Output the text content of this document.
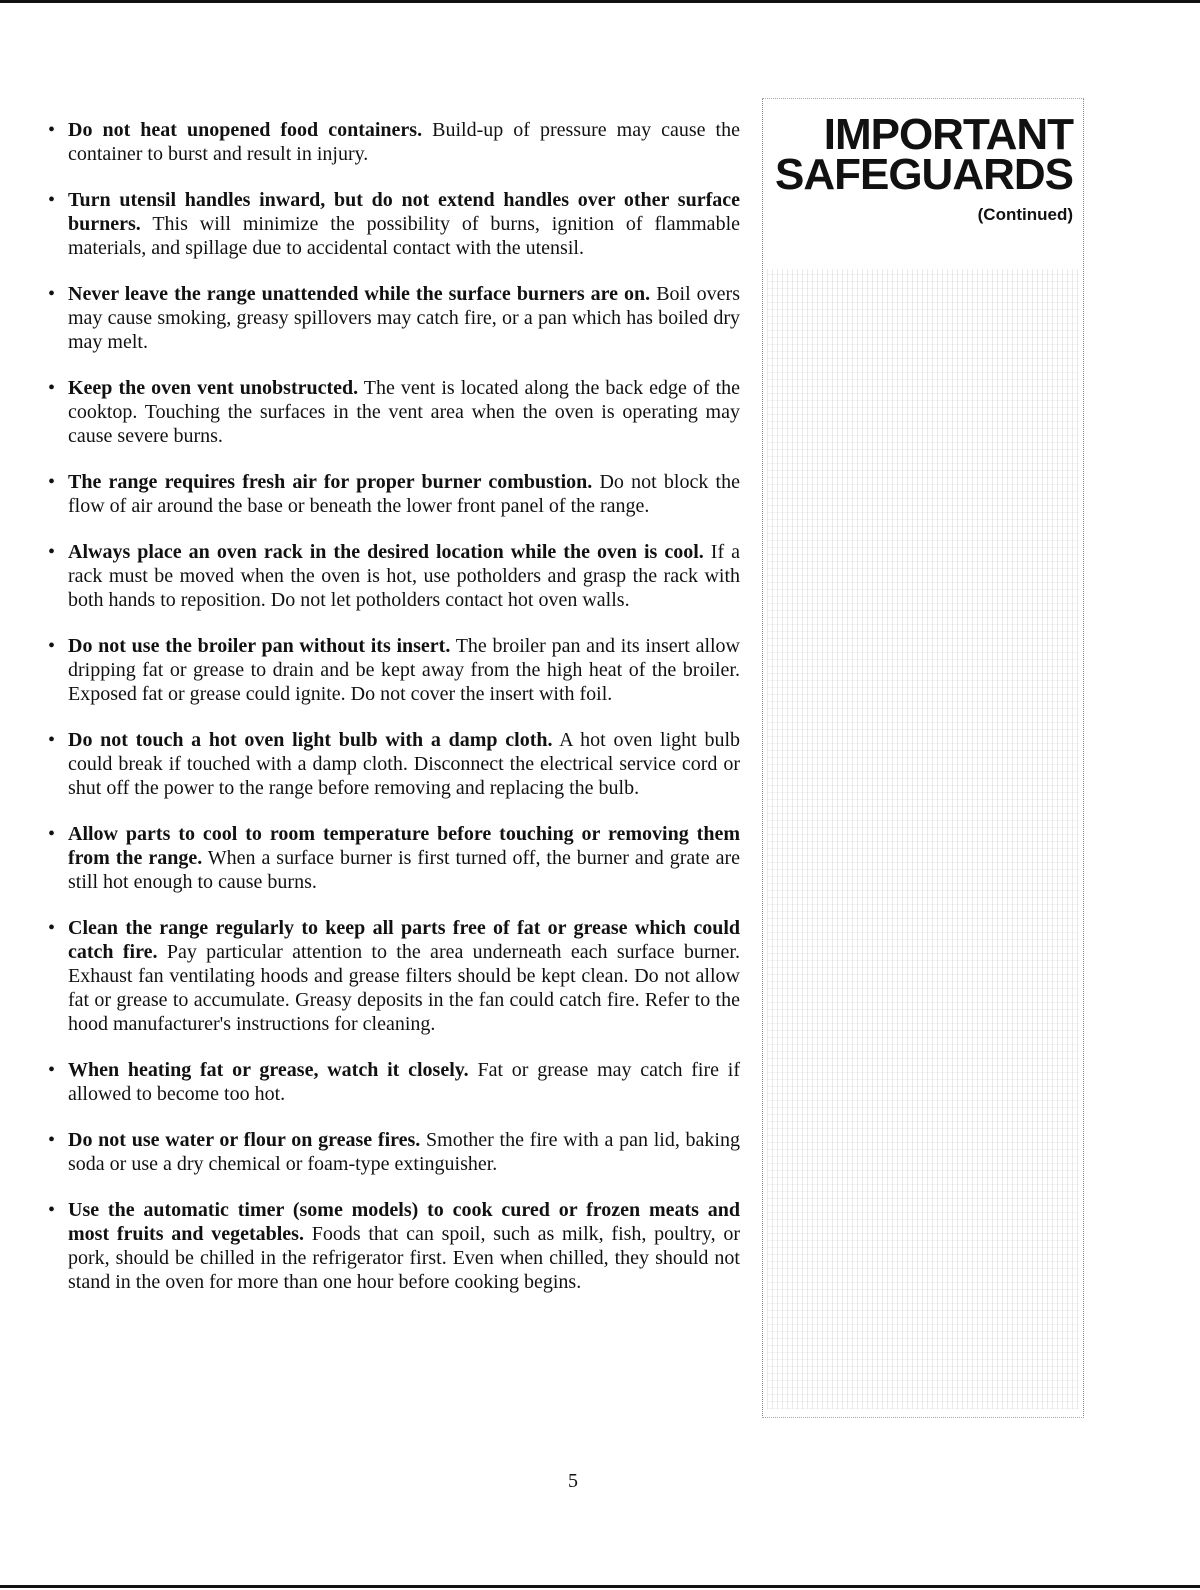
• Do not heat unopened food containers. Build-up of pressure may cause the container to burst and result in injury.
• Turn utensil handles inward, but do not extend handles over other surface burners. This will minimize the possibility of burns, ignition of flammable materials, and spillage due to accidental contact with the utensil.
• Never leave the range unattended while the surface burners are on. Boil overs may cause smoking, greasy spillovers may catch fire, or a pan which has boiled dry may melt.
• Keep the oven vent unobstructed. The vent is located along the back edge of the cooktop. Touching the surfaces in the vent area when the oven is operating may cause severe burns.
• The range requires fresh air for proper burner combustion. Do not block the flow of air around the base or beneath the lower front panel of the range.
• Always place an oven rack in the desired location while the oven is cool. If a rack must be moved when the oven is hot, use potholders and grasp the rack with both hands to reposition. Do not let potholders contact hot oven walls.
• Do not use the broiler pan without its insert. The broiler pan and its insert allow dripping fat or grease to drain and be kept away from the high heat of the broiler. Exposed fat or grease could ignite. Do not cover the insert with foil.
• Do not touch a hot oven light bulb with a damp cloth. A hot oven light bulb could break if touched with a damp cloth. Disconnect the electrical service cord or shut off the power to the range before removing and replacing the bulb.
• Allow parts to cool to room temperature before touching or removing them from the range. When a surface burner is first turned off, the burner and grate are still hot enough to cause burns.
• Clean the range regularly to keep all parts free of fat or grease which could catch fire. Pay particular attention to the area underneath each surface burner. Exhaust fan ventilating hoods and grease filters should be kept clean. Do not allow fat or grease to accumulate. Greasy deposits in the fan could catch fire. Refer to the hood manufacturer's instructions for cleaning.
• When heating fat or grease, watch it closely. Fat or grease may catch fire if allowed to become too hot.
• Do not use water or flour on grease fires. Smother the fire with a pan lid, baking soda or use a dry chemical or foam-type extinguisher.
• Use the automatic timer (some models) to cook cured or frozen meats and most fruits and vegetables. Foods that can spoil, such as milk, fish, poultry, or pork, should be chilled in the refrigerator first. Even when chilled, they should not stand in the oven for more than one hour before cooking begins.
IMPORTANT
SAFEGUARDS
(Continued)
5
